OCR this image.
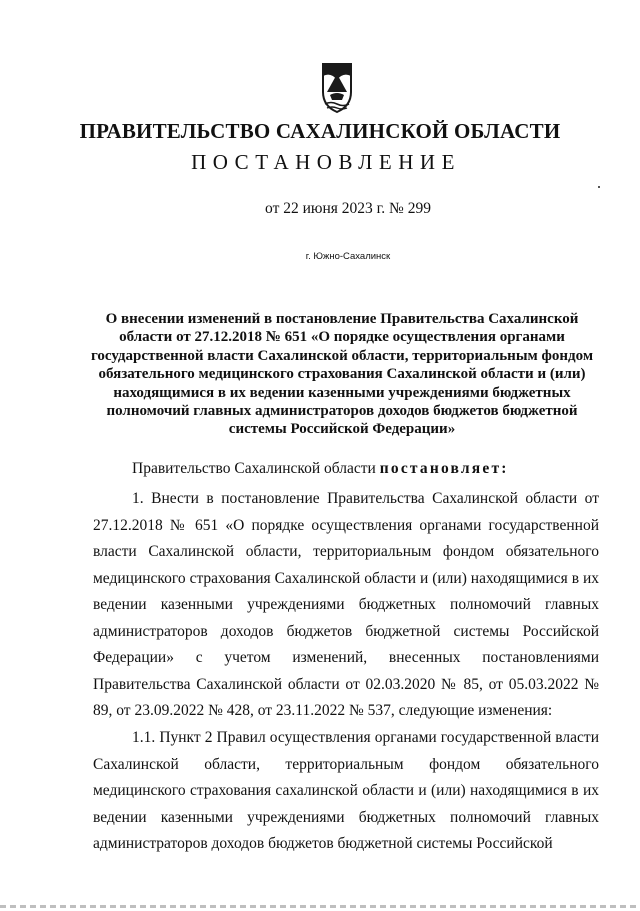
ПРАВИТЕЛЬСТВО САХАЛИНСКОЙ ОБЛАСТИ
ПОСТАНОВЛЕНИЕ
от 22 июня 2023 г. № 299
г. Южно-Сахалинск
О внесении изменений в постановление Правительства Сахалинской области от 27.12.2018 № 651 «О порядке осуществления органами государственной власти Сахалинской области, территориальным фондом обязательного медицинского страхования Сахалинской области и (или) находящимися в их ведении казенными учреждениями бюджетных полномочий главных администраторов доходов бюджетов бюджетной системы Российской Федерации»
Правительство Сахалинской области постановляет:
1. Внести в постановление Правительства Сахалинской области от 27.12.2018 № 651 «О порядке осуществления органами государственной власти Сахалинской области, территориальным фондом обязательного медицинского страхования Сахалинской области и (или) находящимися в их ведении казенными учреждениями бюджетных полномочий главных администраторов доходов бюджетов бюджетной системы Российской Федерации» с учетом изменений, внесенных постановлениями Правительства Сахалинской области от 02.03.2020 № 85, от 05.03.2022 № 89, от 23.09.2022 № 428, от 23.11.2022 № 537, следующие изменения:
1.1. Пункт 2 Правил осуществления органами государственной власти Сахалинской области, территориальным фондом обязательного медицинского страхования сахалинской области и (или) находящимися в их ведении казенными учреждениями бюджетных полномочий главных администраторов доходов бюджетов бюджетной системы Российской
